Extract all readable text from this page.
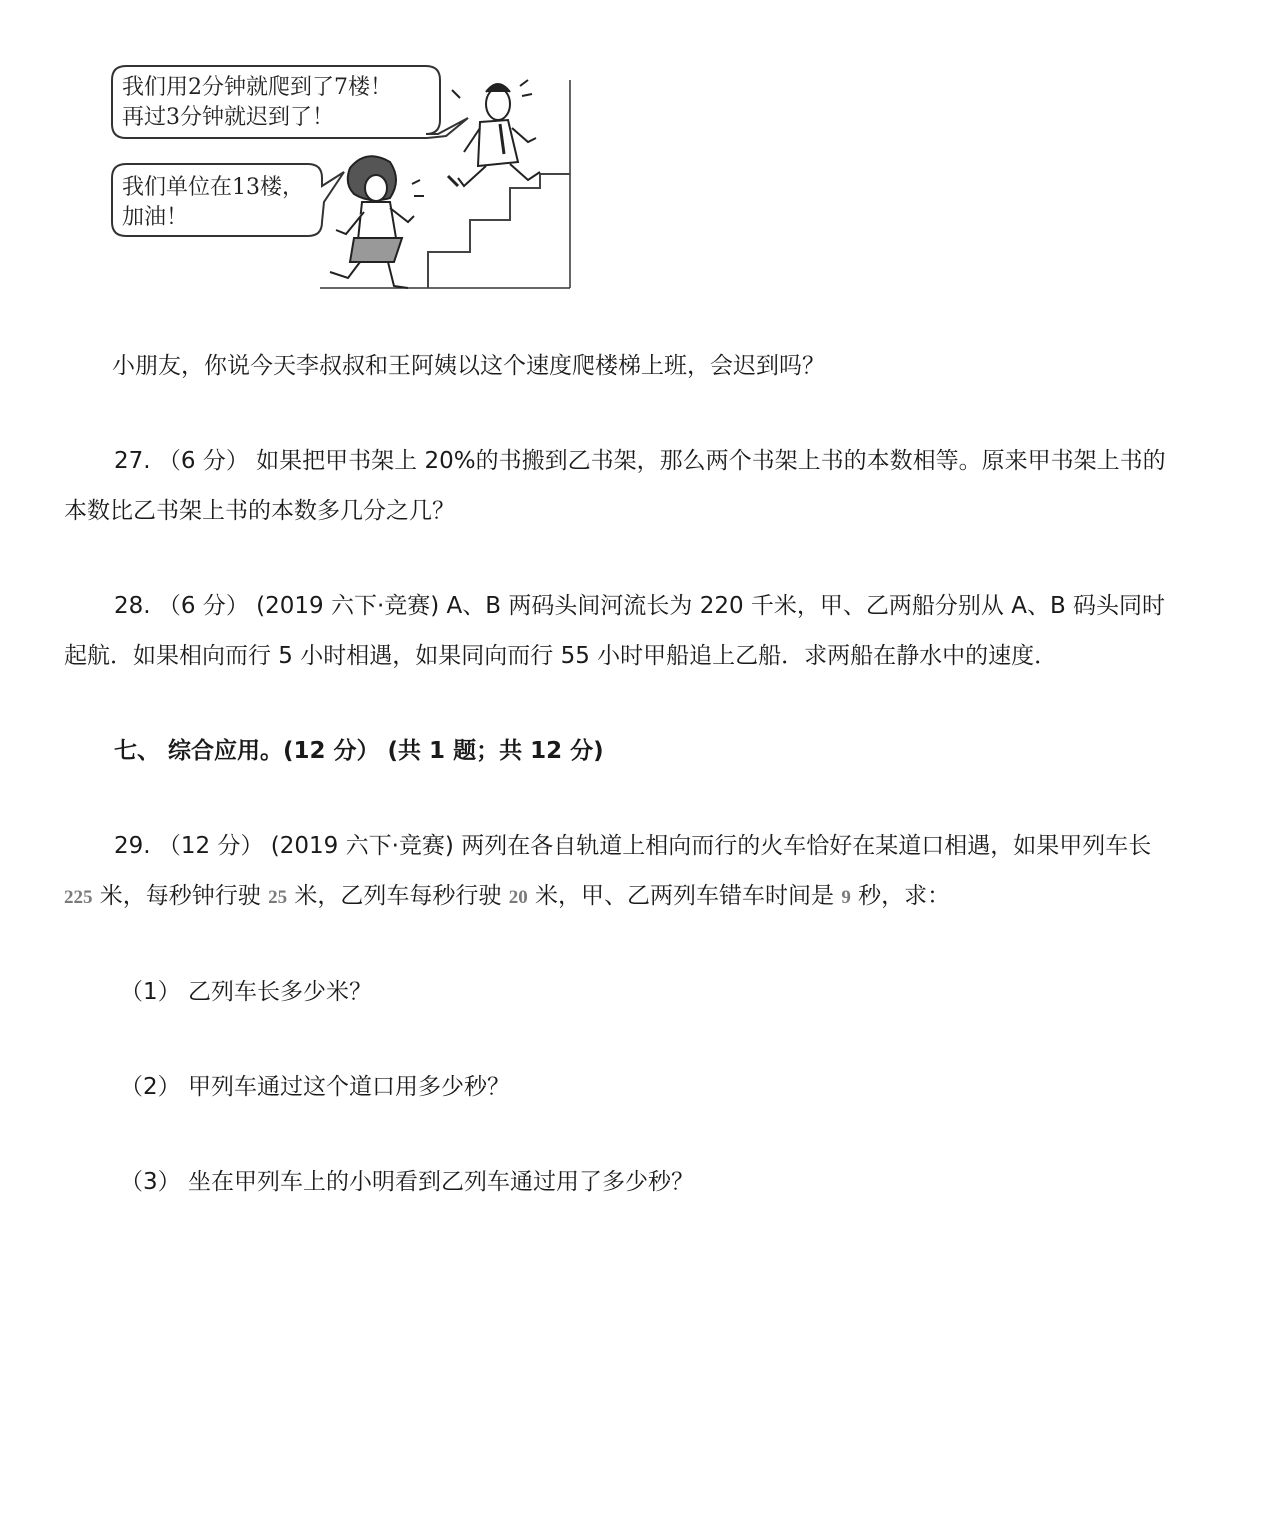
我们用2分钟就爬到了7楼！
再过3分钟就迟到了！
我们单位在13楼，
加油！
小朋友，你说今天李叔叔和王阿姨以这个速度爬楼梯上班，会迟到吗？
27. （6 分） 如果把甲书架上 20%的书搬到乙书架，那么两个书架上书的本数相等。原来甲书架上书的
本数比乙书架上书的本数多几分之几？
28. （6 分） (2019 六下·竞赛) A、B 两码头间河流长为 220 千米，甲、乙两船分别从 A、B 码头同时
起航．如果相向而行 5 小时相遇，如果同向而行 55 小时甲船追上乙船．求两船在静水中的速度．
七、 综合应用。(12 分） (共 1 题；共 12 分)
29. （12 分） (2019 六下·竞赛) 两列在各自轨道上相向而行的火车恰好在某道口相遇，如果甲列车长
225 米，每秒钟行驶 25 米，乙列车每秒行驶 20 米，甲、乙两列车错车时间是 9 秒，求：
（1） 乙列车长多少米？
（2） 甲列车通过这个道口用多少秒？
（3） 坐在甲列车上的小明看到乙列车通过用了多少秒？
